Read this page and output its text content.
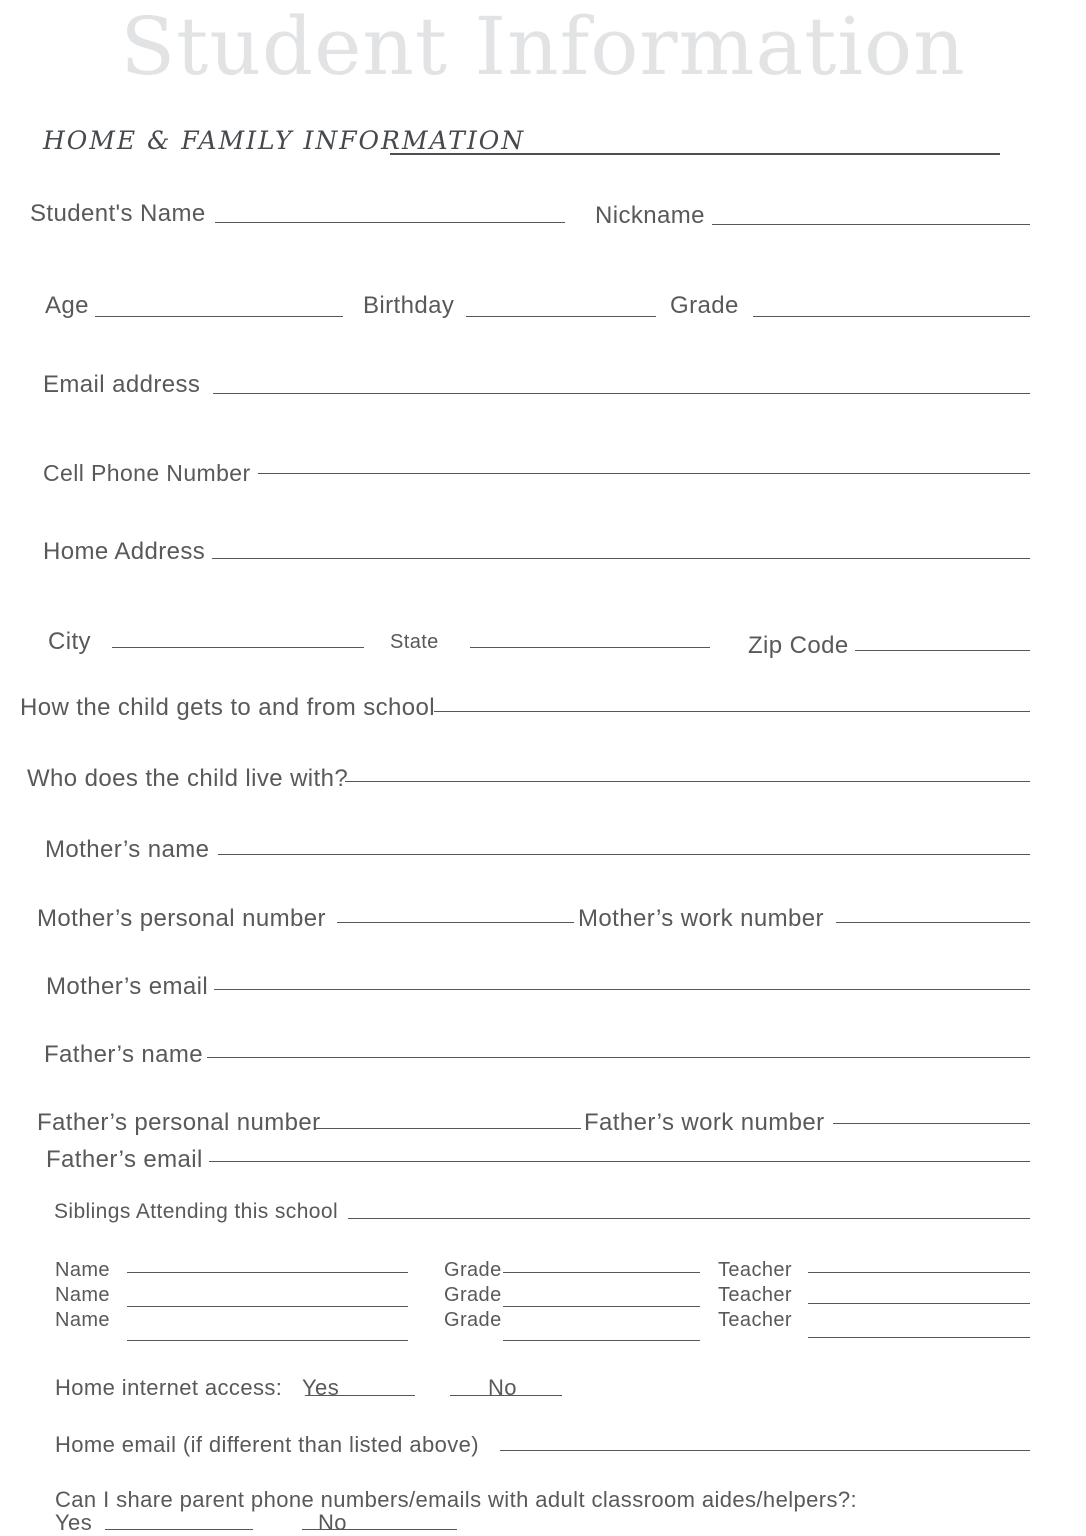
Student Information
HOME & FAMILY INFORMATION
Student's Name	Nickname
Age	Birthday	Grade
Email address
Cell Phone Number
Home Address
City	State	Zip Code
How the child gets to and from school
Who does the child live with?
Mother’s name
Mother’s personal number	Mother’s work number
Mother’s email
Father’s name
Father’s personal number	Father’s work number
Father’s email
Siblings Attending this school
Name	Grade	Teacher
Name	Grade	Teacher
Name	Grade	Teacher
Home internet access: Yes	No
Home email (if different than listed above)
Can I share parent phone numbers/emails with adult classroom aides/helpers?:
Yes	No
